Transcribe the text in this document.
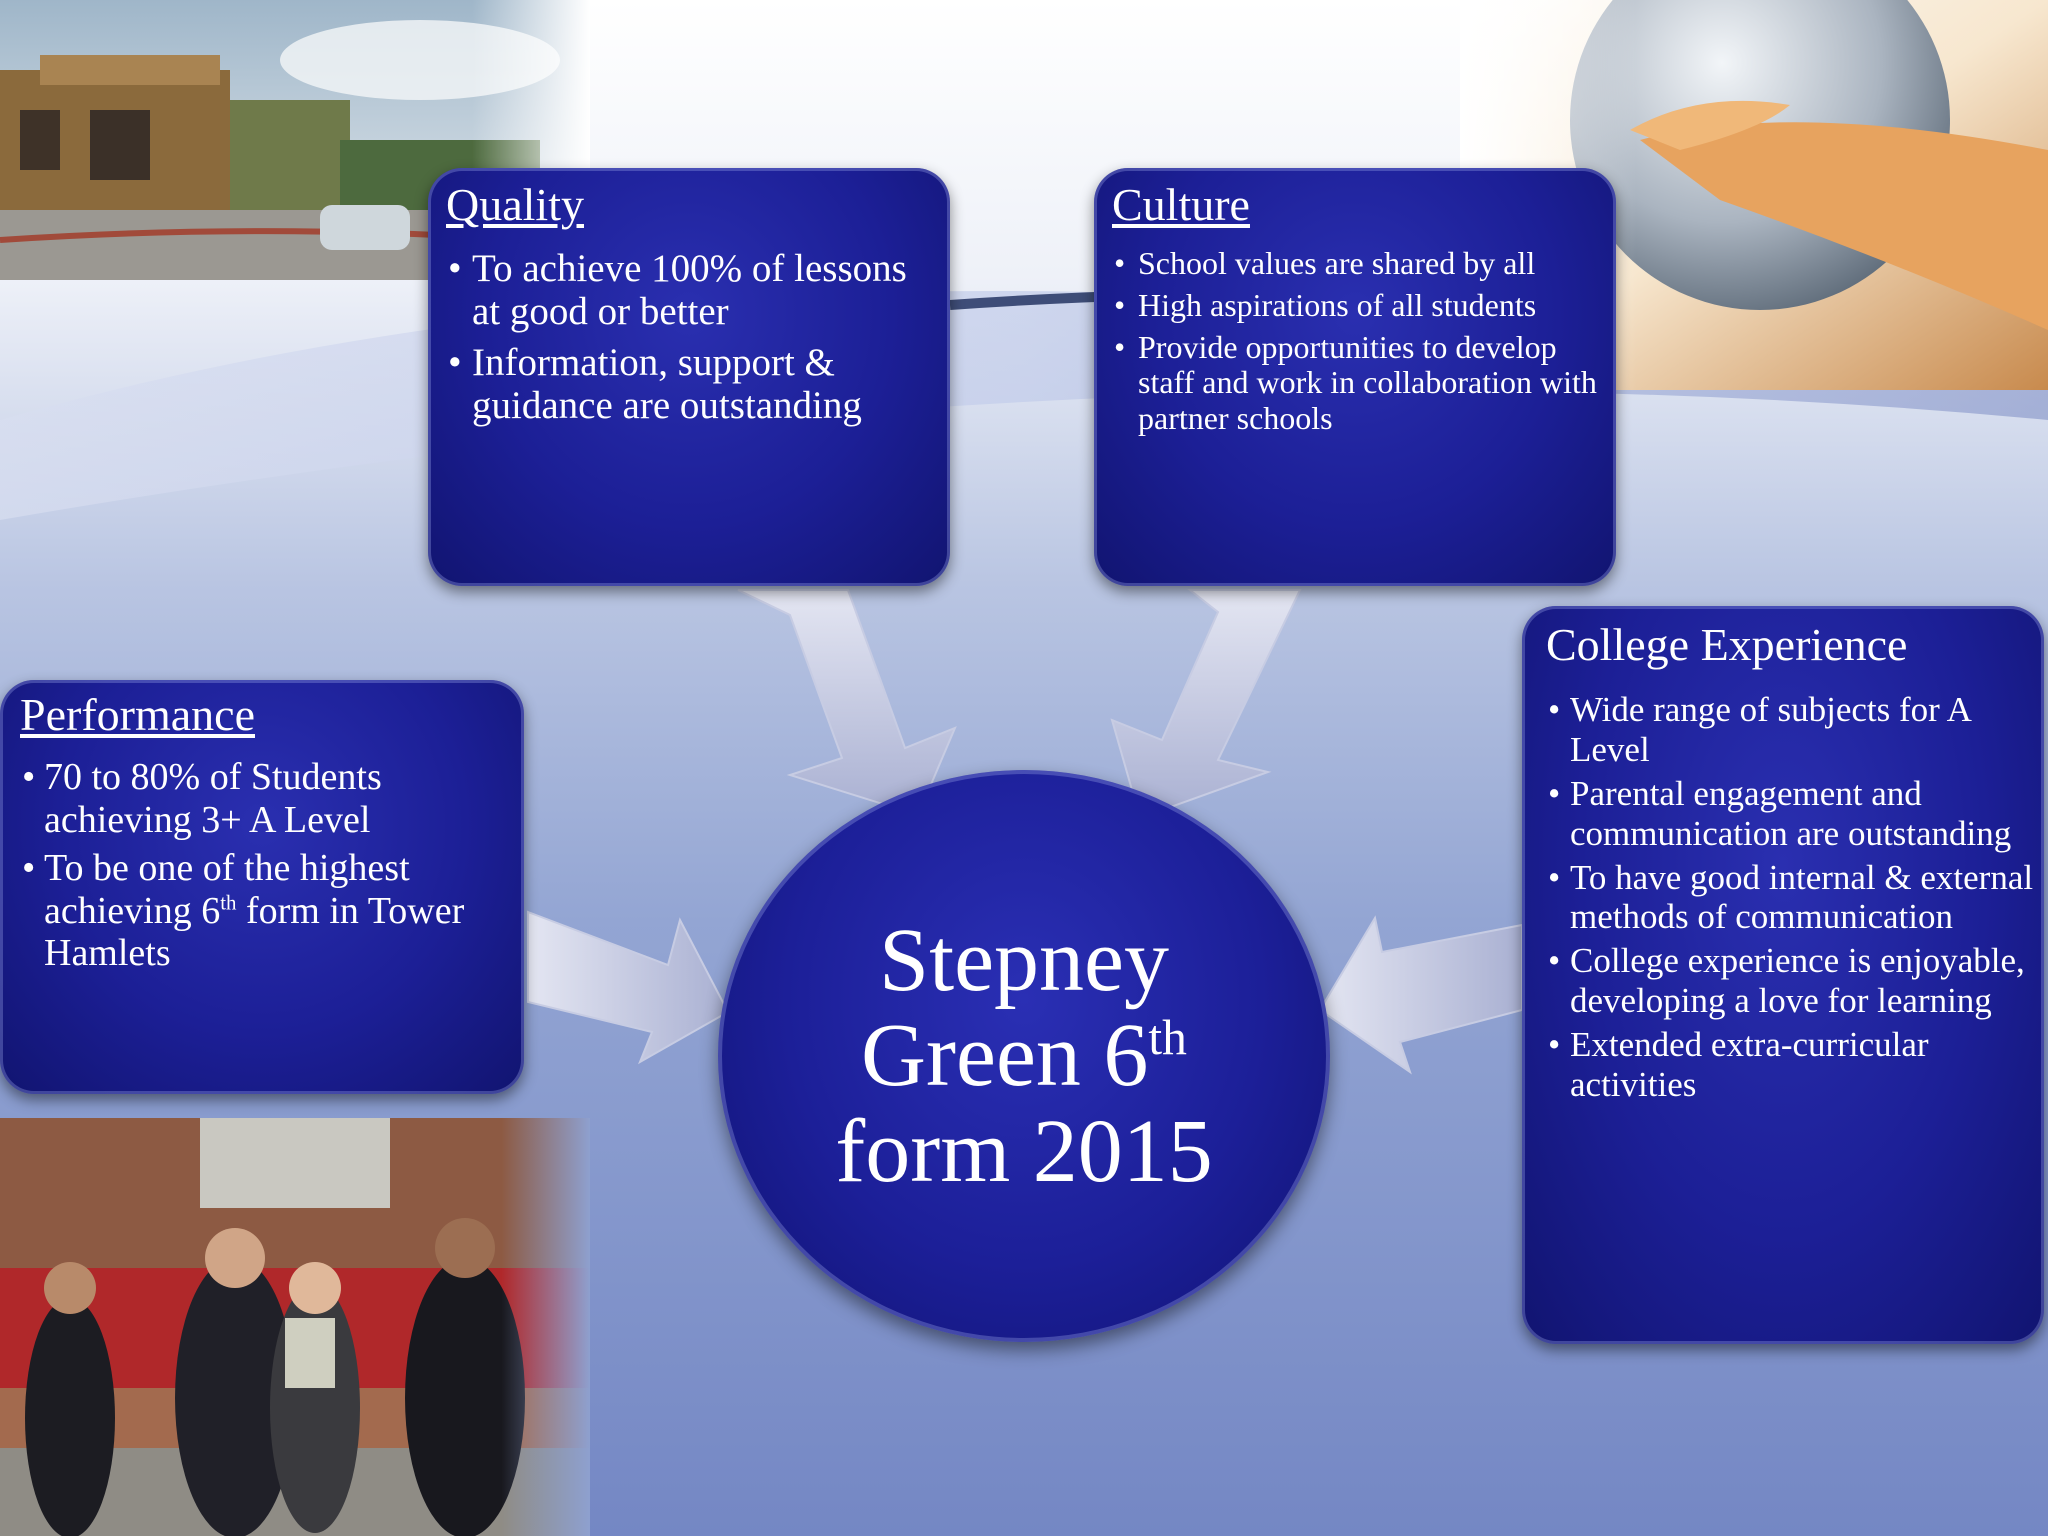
Quality
• To achieve 100% of lessons at good or better
• Information, support & guidance are outstanding
Culture
• School values are shared by all
• High aspirations of all students
• Provide opportunities to develop staff and work in collaboration with partner schools
Performance
• 70 to 80% of Students achieving 3+ A Level
• To be one of the highest achieving 6th form in Tower Hamlets
College Experience
• Wide range of subjects for A Level
• Parental engagement and communication are outstanding
• To have good internal & external methods of communication
• College experience is enjoyable, developing a love for learning
• Extended extra-curricular activities
Stepney
Green 6th
form 2015
